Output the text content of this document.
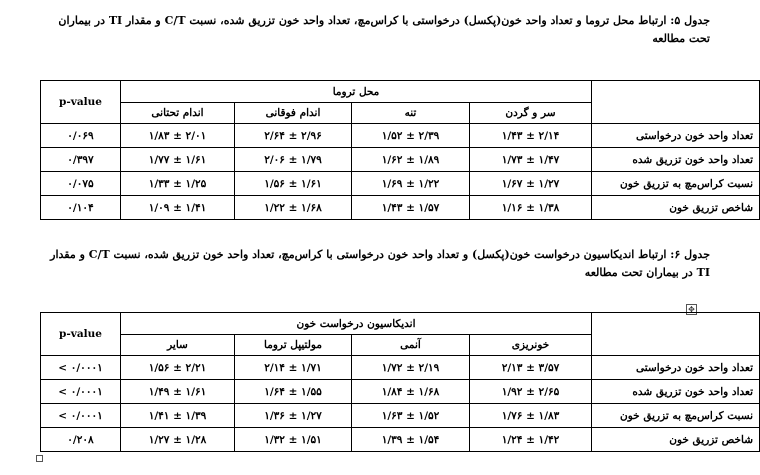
جدول ۵: ارتباط محل تروما و تعداد واحد خون(پکسل) درخواستی با کراس‌مچ، تعداد واحد خون تزریق شده، نسبت C/T و مقدار TI در بیماران تحت مطالعه
	محل تروما				p-value
	سر و گردن	تنه	اندام فوقانی	اندام تحتانی	
تعداد واحد خون درخواستی	۱/۴۳ ± ۲/۱۴	۱/۵۲ ± ۲/۳۹	۲/۶۴ ± ۲/۹۶	۱/۸۳ ± ۲/۰۱	۰/۰۶۹
تعداد واحد خون تزریق شده	۱/۷۳ ± ۱/۴۷	۱/۶۲ ± ۱/۸۹	۲/۰۶ ± ۱/۷۹	۱/۷۷ ± ۱/۶۱	۰/۳۹۷
نسبت کراس‌مچ به تزریق خون	۱/۶۷ ± ۱/۲۷	۱/۶۹ ± ۱/۲۲	۱/۵۶ ± ۱/۶۱	۱/۳۳ ± ۱/۲۵	۰/۰۷۵
شاخص تزریق خون	۱/۱۶ ± ۱/۳۸	۱/۴۳ ± ۱/۵۷	۱/۲۲ ± ۱/۶۸	۱/۰۹ ± ۱/۴۱	۰/۱۰۴
جدول ۶: ارتباط اندیکاسیون درخواست خون(پکسل) و تعداد واحد خون درخواستی با کراس‌مچ، تعداد واحد خون تزریق شده، نسبت C/T و مقدار TI در بیماران تحت مطالعه
✥
	اندیکاسیون درخواست خون				p-value
	خونریزی	آنمی	مولتیپل تروما	سایر	
تعداد واحد خون درخواستی	۲/۱۳ ± ۳/۵۷	۱/۷۲ ± ۲/۱۹	۲/۱۴ ± ۱/۷۱	۱/۵۶ ± ۲/۲۱	۰/۰۰۰۱ >
تعداد واحد خون تزریق شده	۱/۹۲ ± ۲/۶۵	۱/۸۴ ± ۱/۶۸	۱/۶۴ ± ۱/۵۵	۱/۴۹ ± ۱/۶۱	۰/۰۰۰۱ >
نسبت کراس‌مچ به تزریق خون	۱/۷۶ ± ۱/۸۳	۱/۶۳ ± ۱/۵۲	۱/۳۶ ± ۱/۲۷	۱/۴۱ ± ۱/۳۹	۰/۰۰۰۱ >
شاخص تزریق خون	۱/۲۴ ± ۱/۴۲	۱/۳۹ ± ۱/۵۴	۱/۳۲ ± ۱/۵۱	۱/۲۷ ± ۱/۲۸	۰/۲۰۸
